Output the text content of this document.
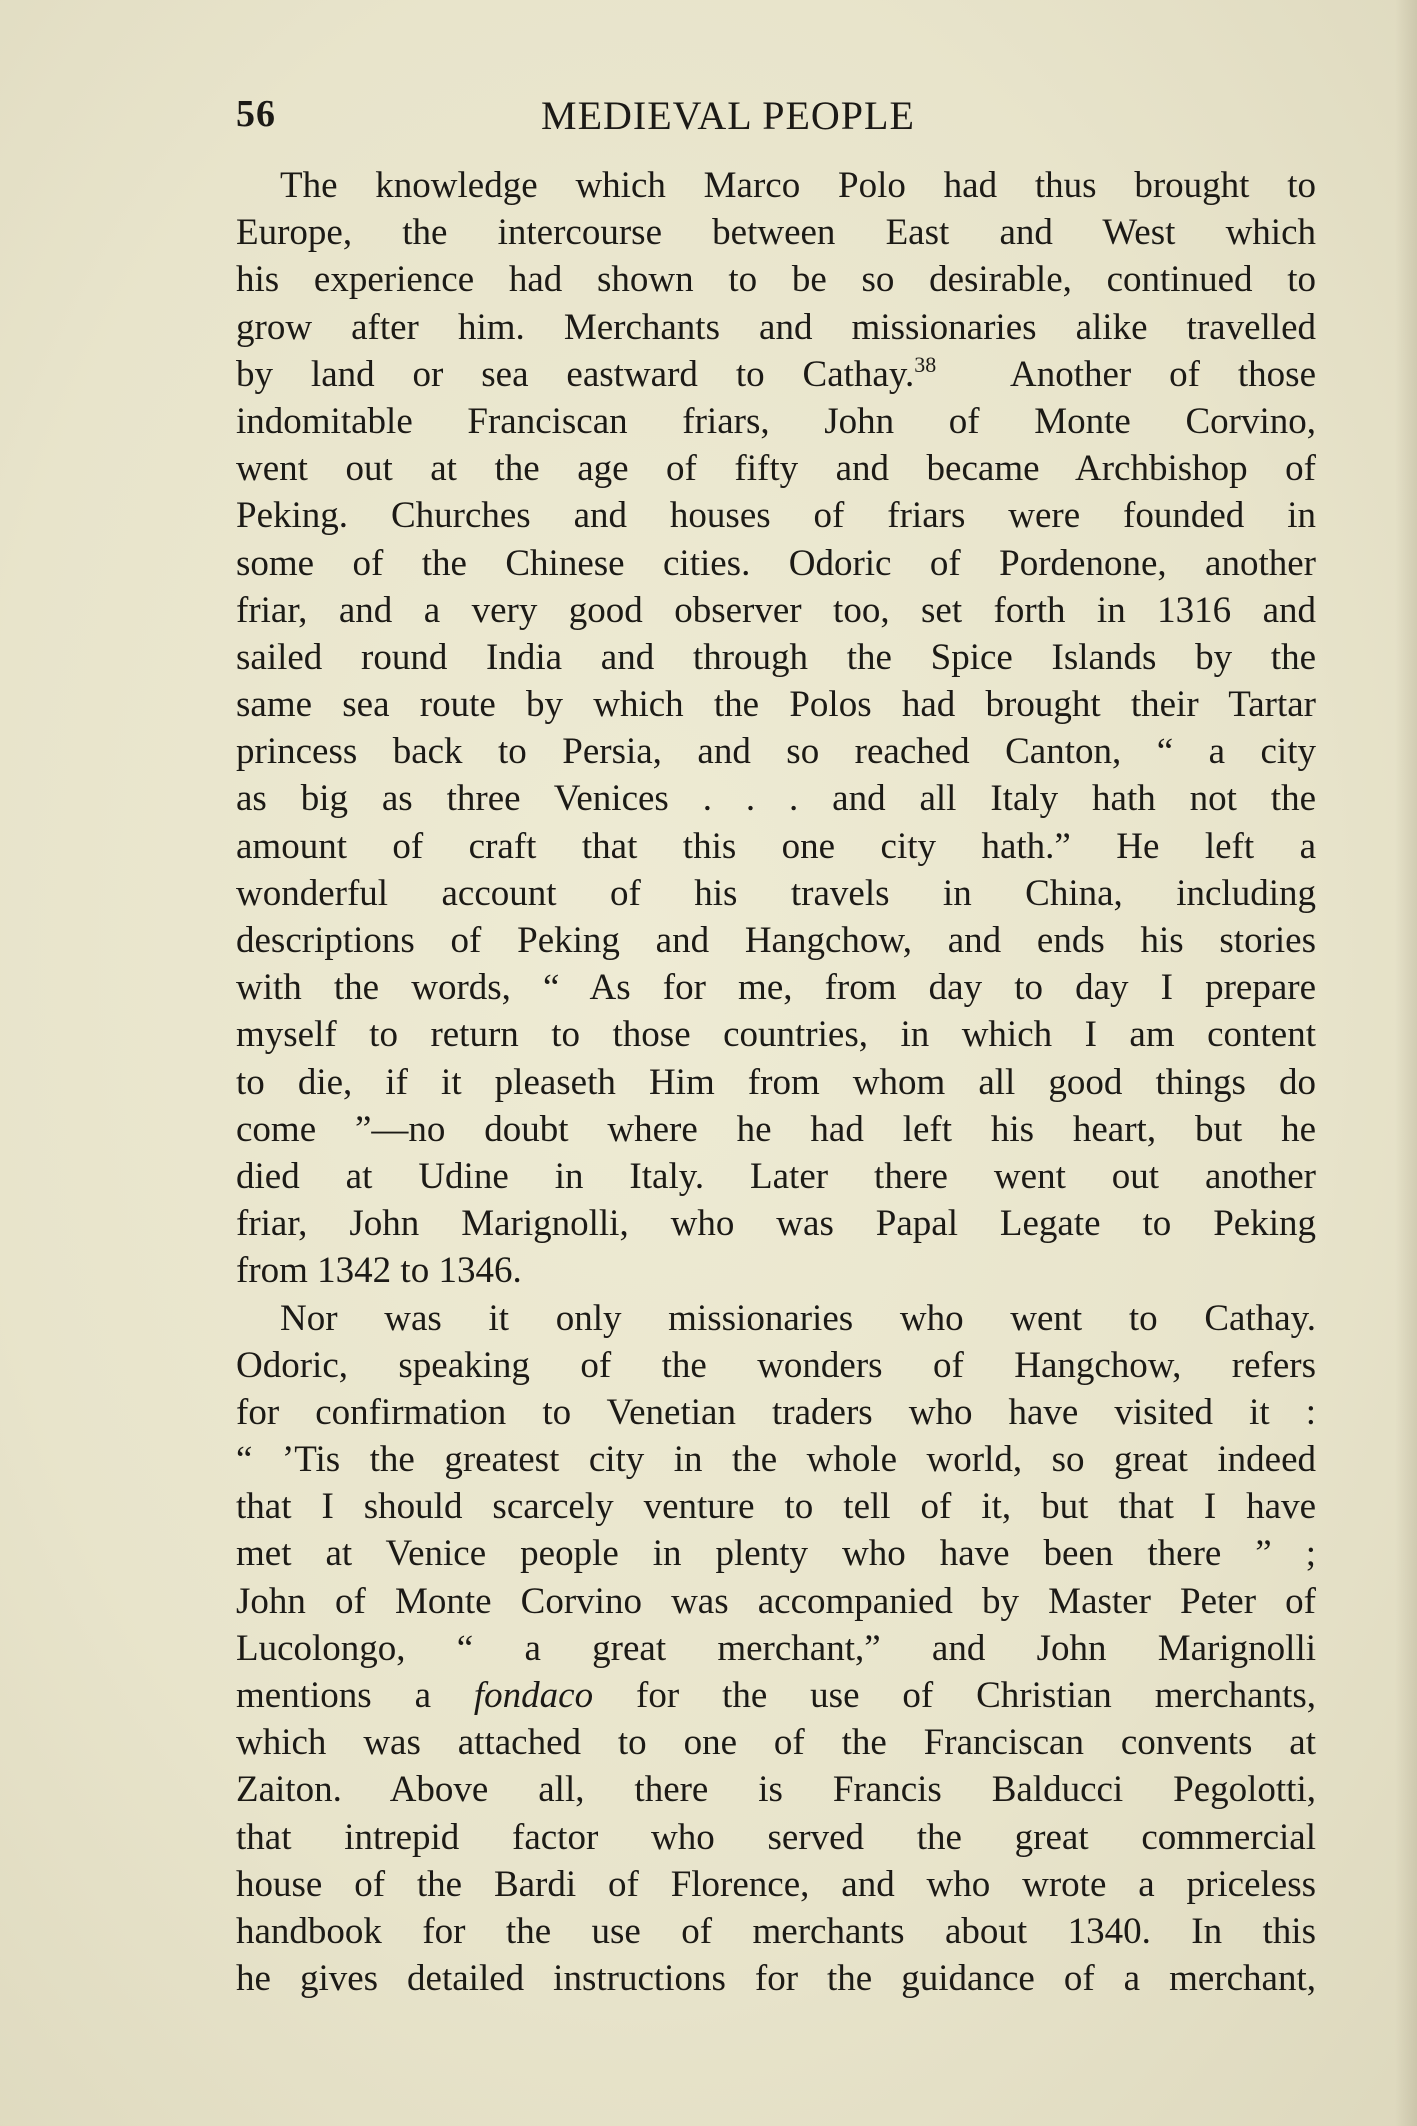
56	MEDIEVAL PEOPLE
The knowledge which Marco Polo had thus brought to
Europe, the intercourse between East and West which
his experience had shown to be so desirable, continued to
grow after him. Merchants and missionaries alike travelled
by land or sea eastward to Cathay.$^{38}$ Another of those
indomitable Franciscan friars, John of Monte Corvino,
went out at the age of fifty and became Archbishop of
Peking. Churches and houses of friars were founded in
some of the Chinese cities. Odoric of Pordenone, another
friar, and a very good observer too, set forth in 1316 and
sailed round India and through the Spice Islands by the
same sea route by which the Polos had brought their Tartar
princess back to Persia, and so reached Canton, “ a city
as big as three Venices . . . and all Italy hath not the
amount of craft that this one city hath.” He left a
wonderful account of his travels in China, including
descriptions of Peking and Hangchow, and ends his stories
with the words, “ As for me, from day to day I prepare
myself to return to those countries, in which I am content
to die, if it pleaseth Him from whom all good things do
come ”—no doubt where he had left his heart, but he
died at Udine in Italy. Later there went out another
friar, John Marignolli, who was Papal Legate to Peking
from 1342 to 1346.
Nor was it only missionaries who went to Cathay.
Odoric, speaking of the wonders of Hangchow, refers
for confirmation to Venetian traders who have visited it :
“ ’Tis the greatest city in the whole world, so great indeed
that I should scarcely venture to tell of it, but that I have
met at Venice people in plenty who have been there ” ;
John of Monte Corvino was accompanied by Master Peter of
Lucolongo, “ a great merchant,” and John Marignolli
mentions a fondaco for the use of Christian merchants,
which was attached to one of the Franciscan convents at
Zaiton. Above all, there is Francis Balducci Pegolotti,
that intrepid factor who served the great commercial
house of the Bardi of Florence, and who wrote a priceless
handbook for the use of merchants about 1340. In this
he gives detailed instructions for the guidance of a merchant,
